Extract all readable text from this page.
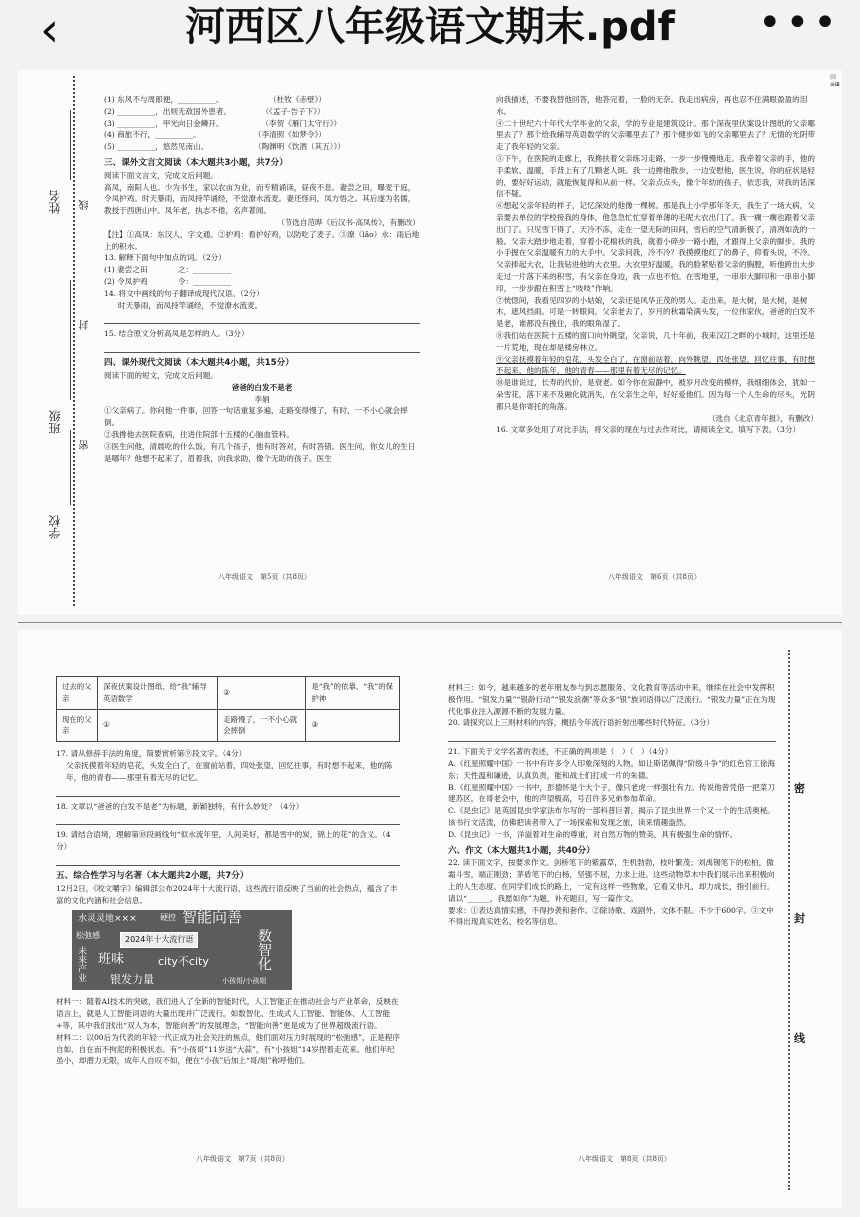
‹	河西区八年级语文期末.pdf	•••
姓名 线
班级
封
学校
密

(1) 东风不与周郎便，__________。　　　　　　　（杜牧《赤壁》）

(2) __________，出则无敌国外患者。　　　　　（《孟子·告子下》）

(3) __________，甲光向日金鳞开。　　　　　　（李贺《雁门太守行》）

(4) 商旅不行，__________。　　　　　　　　（李清照《如梦令》）

(5) __________，悠然见南山。　　　　　　　（陶渊明《饮酒（其五）》）

三、课外文言文阅读（本大题共3小题，共7分）

阅读下面文言文，完成文后问题。

高凤，南阳人也。少为书生，家以农亩为业，而专精诵读，昼夜不息。妻尝之田，曝麦于庭，令凤护鸡。时天暴雨，而凤持竿诵经，不觉潦水流麦。妻还怪问，凤方悟之。其后遂为名儒，教授于西唐山中。凤年老，执志不倦，名声著闻。

（节选自范晔《后汉书·高凤传》，有删改）

【注】①高凤：东汉人，字文通。②护鸡：看护好鸡，以防吃了麦子。③潦（lǎo）水：雨后地上的积水。

13. 解释下面句中加点的词。（2分）

(1) 妻尝之田　　　　之：__________

(2) 令凤护鸡　　　　令：__________

14. 将文中画线的句子翻译成现代汉语。（2分）

时天暴雨，而凤持竿诵经，不觉潦水流麦。

15. 结合原文分析高凤是怎样的人。（3分）

四、课外现代文阅读（本大题共4小题，共15分）

阅读下面的短文，完成文后问题。

爸爸的白发不是老

李娟

①父亲病了。你问他一件事，回答一句话重复多遍，走路变得慢了，有时，一不小心就会摔倒。

②我搀他去医院查病，住进住院部十五楼的心脑血管科。

③医生问他，清晨吃的什么饭，有几个孩子，他有时答对，有时答错。医生问，你女儿的生日是哪年？他想不起来了，眉着我，向我求助，像个无助的孩子。医生

八年级语文　第5页（共8页）

向我描述，不要我替他回答，他答完着，一脸的无奈。我走出病房，再也忍不住满眼盈盈的泪水。

④二十世纪六十年代大学毕业的父亲，学的专业是建筑设计。那个深夜里伏案设计图纸的父亲哪里去了？那个给我辅导英语数学的父亲哪里去了？那个健步如飞的父亲哪里去了？无情的光阴带走了我年轻的父亲。

⑤下午，在医院的走廊上，我搀扶着父亲练习走路，一步一步慢慢地走。我牵着父亲的手，他的手柔软、温暖，手背上有了几颗老人斑。我一边搀他散步，一边安慰他，医生说，你的症状是轻的，要好好运动，就能恢复得和从前一样。父亲点点头，像个年幼的孩子，依恋我，对我的话深信不疑。

⑥想起父亲年轻的样子，记忆深处的他像一棵树。那是我上小学那年冬天，我生了一场大病，父亲要去单位的学校接我的身体，他急急忙忙穿着单薄的毛呢大衣出门了。我一瘸一瘸也跟着父亲出门了。只见雪下得了，天冷不冻，走在一望无际的田间，雪后的空气清新极了，清冽如洗的一般。父亲大踏步地走着，穿着小花棉袄的我，就着小碎步一路小跑，才跟得上父亲的脚步。我的小手握在父亲温暖有力的大手中。父亲问我，冷不冷？我摸摸他红了的鼻子，仰着头说，不冷。父亲捧起大衣，让我钻进他的大衣里。大衣里好温暖，我的脸紧贴着父亲的胸膛，听他跨出大步走过一片落下来的积雪，有父亲在身边，我一点也不怕。在雪地里，一串串大脚印和一串串小脚印，一步步跟在积雪上“吱吱”作响。

⑦恍惚间，我看见四岁的小姑娘，父亲还是风华正茂的男人。走出来，是大树，是大树，是树木，遮风挡雨。可是一转眼间，父亲老去了，岁月的秋霜染满头发，一位伟家伙，爸爸的白发不是老，谁都没有挽住，我的眼角湿了。

⑧我们站在医院十五楼的窗口向外眺望，父亲说，几十年前，我来汉江之畔的小城时，这里还是一片荒地，现在却是楼房林立。

⑨父亲抚摸着年轻的皂花，头发全白了，在窗前站着，向外眺望，四处张望，回忆往事，有时想不起来，他的陈年，他的青春——那里有着无尽的记忆。

⑩是谁说过，长寿的代价，是衰老。如今你在寂静中，被岁月改变的模样，我细细体会，犹如一朵雪花，落下来不及融化就消失，在父亲生之年，好好爱他们。因为每一个人生命的尽头，光阴都只是你寄托的角落。

（选自《北京青年报》，有删改）

16. 文章多处用了对比手法，将父亲的现在与过去作对比，请阅读全文，填写下表。（3分）

八年级语文　第6页（共8页）
田 ≡⊞
过去的父亲	深夜伏案设计图纸、给“我”辅导英语数学	②	是“我”的依靠、“我”的保护神
现在的父亲	①	走路慢了，一不小心就会摔倒	③

17. 请从修辞手法的角度，简要赏析第⑨段文字。（4分）

父亲抚摸着年轻的皂花，头发全白了，在窗前站着，四处张望，回忆往事，有时想不起来，他的陈年，他的青春——那里有着无尽的记忆。

18. 文章以“爸爸的白发不是老”为标题，新颖独特，有什么妙处？（4分）

19. 请结合语境，理解第⑩段画线句“似水流年里，人间美好，都是雪中的炭，锦上的花”的含义。（4分）

五、综合性学习与名著（本大题共2小题，共7分）

12月2日，《咬文嚼字》编辑部公布2024年十大流行语，这些流行语反映了当前的社会热点，蕴含了丰富的文化内涵和社会信息。

水灵灵地×××	硬控 智能向善
松弛感	2024年十大流行语	数智化
未来产业
班味	city不city
银发力量	小孩哥/小孩姐

材料一：随着AI技术的突破，我们进入了全新的智能时代，人工智能正在推动社会与产业革命，反映在语言上，就是人工智能词语的大量出现并广泛流行。如数智化、生成式人工智能、智能体、人工智能+等，其中我们找出“双人为本，智能向善”的发展理念，“智能向善”更是成为了世界超级流行语。

材料二：以00后为代表的年轻一代正成为社会关注的焦点，他们面对压力时展现的“松弛感”，正是程序自如、自在而不拘泥的积极状态。有“小孩哥”11岁送“大蒜”，有“小孩姐”14岁捏着走花来。他们年纪虽小，却潜力无限，成年人自叹不如，便在“小孩”后加上“哥/姐”称呼他们。

八年级语文　第7页（共8页）

材料三：如今，越来越多的老年朋友参与到志愿服务、文化教育等活动中来，继续在社会中发挥积极作用。“银发力量”“银龄行动”“银发浪潮”等众多“银”族词语得以广泛流行。“银发力量”正在为现代化事业注入源源不断的发展力量。

20. 请探究以上三则材料的内容，概括今年流行语折射出哪些时代特征。（3分）

21. 下面关于文学名著的表述，不正确的两项是（　）（　）（4分）

A.《红星照耀中国》一书中有许多令人印象深刻的人物。如让斯诺佩得“阶级斗争”的红色官工徐海东；天性温和谦逊，认真负责，能和战士们打成一片的朱德。

B.《红星照耀中国》一书中，彭德怀是个大个子，像只老虎一样强壮有力。传说他曾凭借一把菜刀建苏区，在哥老会中，他的声望极高，号召许多兄弟参加革命。

C.《昆虫记》是英国昆虫学家法布尔写的一部科普巨著，揭示了昆虫世界一个又一个的生活奥秘。该书行文活泼，仿佛把读者带入了一场探索和发现之旅，读来情趣盎然。

D.《昆虫记》一书，洋溢着对生命的尊重，对自然万物的赞美，具有极强生命的情怀。

六、作文（本大题共1小题，共40分）

22. 读下面文字，按要求作文。剑桥笔下的紫露草，生机勃勃，枝叶繁茂；刘禹锡笔下的松柏，傲霜斗雪，端正刚劲；茅盾笔下的白杨，坚强不屈，力求上进。这些动物草木中我们展示出来积极向上的人生态度。在同学们成长的路上，一定有这样一些物象，它看又非凡，却力成长，指引前行。

请以“______，我愿如你”为题，补充题目，写一篇作文。

要求：①表达真情实感，不得抄袭和套作。②除诗歌、戏剧外，文体不限。不少于600字。③文中不得出现真实姓名、校名等信息。

八年级语文　第8页（共8页）
密
封
线
